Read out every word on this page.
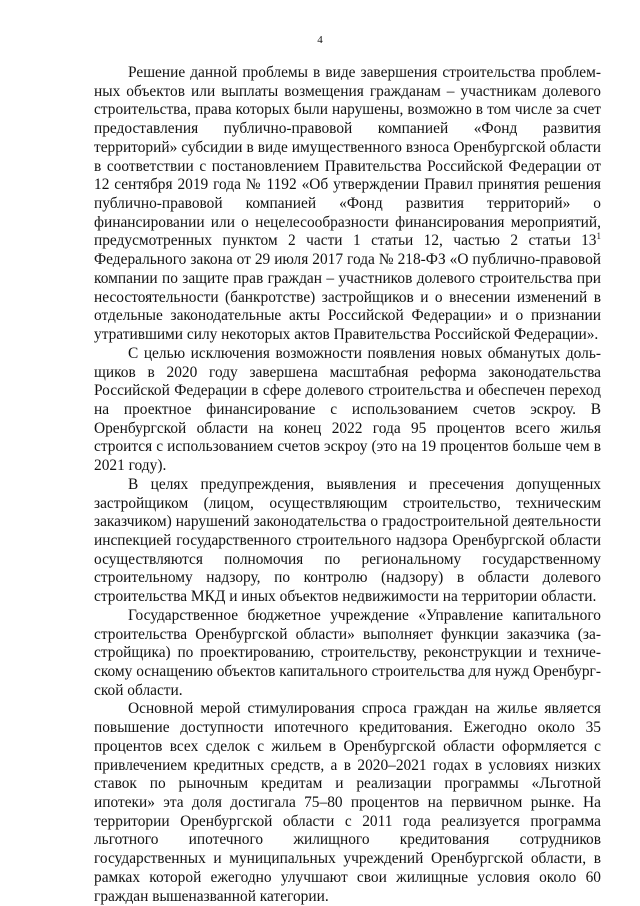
4

Решение данной проблемы в виде завершения строительства проблемных объектов или выплаты возмещения гражданам – участникам долевого строительства, права которых были нарушены, возможно в том числе за счет предоставления публично-правовой компанией «Фонд развития территорий» субсидии в виде имущественного взноса Оренбургской области в соответствии с постановлением Правительства Российской Федерации от 12 сентября 2019 года № 1192 «Об утверждении Правил принятия решения публично-правовой компанией «Фонд развития территорий» о финансировании или о нецелесообразности финансирования мероприятий, предусмотренных пунктом 2 части 1 статьи 12, частью 2 статьи $13^1$ Федерального закона от 29 июля 2017 года № 218-ФЗ «О публично-правовой компании по защите прав граждан – участников долевого строительства при несостоятельности (банкротстве) застройщиков и о внесении изменений в отдельные законодательные акты Российской Федерации» и о признании утратившими силу некоторых актов Правительства Российской Федерации».

С целью исключения возможности появления новых обманутых дольщиков в 2020 году завершена масштабная реформа законодательства Российской Федерации в сфере долевого строительства и обеспечен переход на проектное финансирование с использованием счетов эскроу. В Оренбургской области на конец 2022 года 95 процентов всего жилья строится с использованием счетов эскроу (это на 19 процентов больше чем в 2021 году).

В целях предупреждения, выявления и пресечения допущенных застройщиком (лицом, осуществляющим строительство, техническим заказчиком) нарушений законодательства о градостроительной деятельности инспекцией государственного строительного надзора Оренбургской области осуществляются полномочия по региональному государственному строительному надзору, по контролю (надзору) в области долевого строительства МКД и иных объектов недвижимости на территории области.

Государственное бюджетное учреждение «Управление капитального строительства Оренбургской области» выполняет функции заказчика (застройщика) по проектированию, строительству, реконструкции и техническому оснащению объектов капитального строительства для нужд Оренбургской области.

Основной мерой стимулирования спроса граждан на жилье является повышение доступности ипотечного кредитования. Ежегодно около 35 процентов всех сделок с жильем в Оренбургской области оформляется с привлечением кредитных средств, а в 2020–2021 годах в условиях низких ставок по рыночным кредитам и реализации программы «Льготной ипотеки» эта доля достигала 75–80 процентов на первичном рынке. На территории Оренбургской области с 2011 года реализуется программа льготного ипотечного жилищного кредитования сотрудников государственных и муниципальных учреждений Оренбургской области, в рамках которой ежегодно улучшают свои жилищные условия около 60 граждан вышеназванной категории.
